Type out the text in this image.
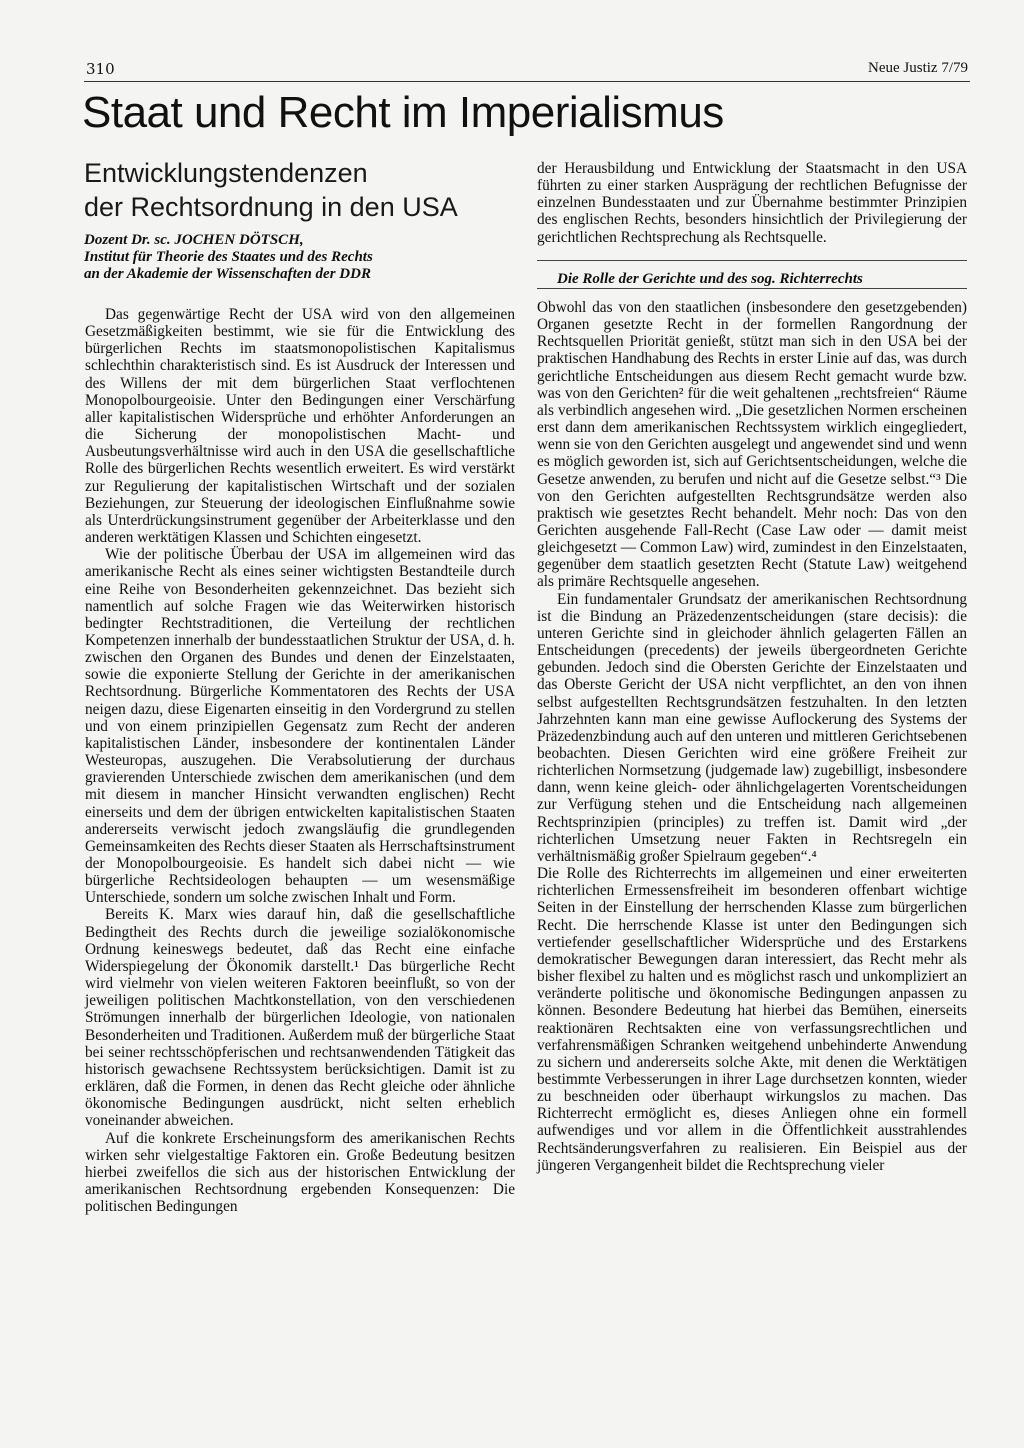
310	Neue Justiz 7/79
Staat und Recht im Imperialismus
Entwicklungstendenzen
der Rechtsordnung in den USA
Dozent Dr. sc. JOCHEN DÖTSCH,
Institut für Theorie des Staates und des Rechts
an der Akademie der Wissenschaften der DDR

Das gegenwärtige Recht der USA wird von den allgemeinen Gesetzmäßigkeiten bestimmt, wie sie für die Entwicklung des bürgerlichen Rechts im staatsmonopolistischen Kapitalismus schlechthin charakteristisch sind. Es ist Ausdruck der Interessen und des Willens der mit dem bürgerlichen Staat verflochtenen Monopolbourgeoisie. Unter den Bedingungen einer Verschärfung aller kapitalistischen Widersprüche und erhöhter Anforderungen an die Sicherung der monopolistischen Macht- und Ausbeutungsverhältnisse wird auch in den USA die gesellschaftliche Rolle des bürgerlichen Rechts wesentlich erweitert. Es wird verstärkt zur Regulierung der kapitalistischen Wirtschaft und der sozialen Beziehungen, zur Steuerung der ideologischen Einflußnahme sowie als Unterdrückungsinstrument gegenüber der Arbeiterklasse und den anderen werktätigen Klassen und Schichten eingesetzt.

Wie der politische Überbau der USA im allgemeinen wird das amerikanische Recht als eines seiner wichtigsten Bestandteile durch eine Reihe von Besonderheiten gekennzeichnet. Das bezieht sich namentlich auf solche Fragen wie das Weiterwirken historisch bedingter Rechtstraditionen, die Verteilung der rechtlichen Kompetenzen innerhalb der bundesstaatlichen Struktur der USA, d. h. zwischen den Organen des Bundes und denen der Einzelstaaten, sowie die exponierte Stellung der Gerichte in der amerikanischen Rechtsordnung. Bürgerliche Kommentatoren des Rechts der USA neigen dazu, diese Eigenarten einseitig in den Vordergrund zu stellen und von einem prinzipiellen Gegensatz zum Recht der anderen kapitalistischen Länder, insbesondere der kontinentalen Länder Westeuropas, auszugehen. Die Verabsolutierung der durchaus gravierenden Unterschiede zwischen dem amerikanischen (und dem mit diesem in mancher Hinsicht verwandten englischen) Recht einerseits und dem der übrigen entwickelten kapitalistischen Staaten andererseits verwischt jedoch zwangsläufig die grundlegenden Gemeinsamkeiten des Rechts dieser Staaten als Herrschaftsinstrument der Monopolbourgeoisie. Es handelt sich dabei nicht — wie bürgerliche Rechtsideologen behaupten — um wesensmäßige Unterschiede, sondern um solche zwischen Inhalt und Form.

Bereits K. Marx wies darauf hin, daß die gesellschaftliche Bedingtheit des Rechts durch die jeweilige sozialökonomische Ordnung keineswegs bedeutet, daß das Recht eine einfache Widerspiegelung der Ökonomik darstellt.¹ Das bürgerliche Recht wird vielmehr von vielen weiteren Faktoren beeinflußt, so von der jeweiligen politischen Machtkonstellation, von den verschiedenen Strömungen innerhalb der bürgerlichen Ideologie, von nationalen Besonderheiten und Traditionen. Außerdem muß der bürgerliche Staat bei seiner rechtsschöpferischen und rechtsanwendenden Tätigkeit das historisch gewachsene Rechtssystem berücksichtigen. Damit ist zu erklären, daß die Formen, in denen das Recht gleiche oder ähnliche ökonomische Bedingungen ausdrückt, nicht selten erheblich voneinander abweichen.

Auf die konkrete Erscheinungsform des amerikanischen Rechts wirken sehr vielgestaltige Faktoren ein. Große Bedeutung besitzen hierbei zweifellos die sich aus der historischen Entwicklung der amerikanischen Rechtsordnung ergebenden Konsequenzen: Die politischen Bedingungen

der Herausbildung und Entwicklung der Staatsmacht in den USA führten zu einer starken Ausprägung der rechtlichen Befugnisse der einzelnen Bundesstaaten und zur Übernahme bestimmter Prinzipien des englischen Rechts, besonders hinsichtlich der Privilegierung der gerichtlichen Rechtsprechung als Rechtsquelle.

Die Rolle der Gerichte und des sog. Richterrechts

Obwohl das von den staatlichen (insbesondere den gesetzgebenden) Organen gesetzte Recht in der formellen Rangordnung der Rechtsquellen Priorität genießt, stützt man sich in den USA bei der praktischen Handhabung des Rechts in erster Linie auf das, was durch gerichtliche Entscheidungen aus diesem Recht gemacht wurde bzw. was von den Gerichten² für die weit gehaltenen „rechtsfreien“ Räume als verbindlich angesehen wird. „Die gesetzlichen Normen erscheinen erst dann dem amerikanischen Rechtssystem wirklich eingegliedert, wenn sie von den Gerichten ausgelegt und angewendet sind und wenn es möglich geworden ist, sich auf Gerichtsentscheidungen, welche die Gesetze anwenden, zu berufen und nicht auf die Gesetze selbst.“³ Die von den Gerichten aufgestellten Rechtsgrundsätze werden also praktisch wie gesetztes Recht behandelt. Mehr noch: Das von den Gerichten ausgehende Fall-Recht (Case Law oder — damit meist gleichgesetzt — Common Law) wird, zumindest in den Einzelstaaten, gegenüber dem staatlich gesetzten Recht (Statute Law) weitgehend als primäre Rechtsquelle angesehen.

Ein fundamentaler Grundsatz der amerikanischen Rechtsordnung ist die Bindung an Präzedenzentscheidungen (stare decisis): die unteren Gerichte sind in gleichoder ähnlich gelagerten Fällen an Entscheidungen (precedents) der jeweils übergeordneten Gerichte gebunden. Jedoch sind die Obersten Gerichte der Einzelstaaten und das Oberste Gericht der USA nicht verpflichtet, an den von ihnen selbst aufgestellten Rechtsgrundsätzen festzuhalten. In den letzten Jahrzehnten kann man eine gewisse Auflockerung des Systems der Präzedenzbindung auch auf den unteren und mittleren Gerichtsebenen beobachten. Diesen Gerichten wird eine größere Freiheit zur richterlichen Normsetzung (judgemade law) zugebilligt, insbesondere dann, wenn keine gleich- oder ähnlichgelagerten Vorentscheidungen zur Verfügung stehen und die Entscheidung nach allgemeinen Rechtsprinzipien (principles) zu treffen ist. Damit wird „der richterlichen Umsetzung neuer Fakten in Rechtsregeln ein verhältnismäßig großer Spielraum gegeben“.⁴

Die Rolle des Richterrechts im allgemeinen und einer erweiterten richterlichen Ermessensfreiheit im besonderen offenbart wichtige Seiten in der Einstellung der herrschenden Klasse zum bürgerlichen Recht. Die herrschende Klasse ist unter den Bedingungen sich vertiefender gesellschaftlicher Widersprüche und des Erstarkens demokratischer Bewegungen daran interessiert, das Recht mehr als bisher flexibel zu halten und es möglichst rasch und unkompliziert an veränderte politische und ökonomische Bedingungen anpassen zu können. Besondere Bedeutung hat hierbei das Bemühen, einerseits reaktionären Rechtsakten eine von verfassungsrechtlichen und verfahrensmäßigen Schranken weitgehend unbehinderte Anwendung zu sichern und andererseits solche Akte, mit denen die Werktätigen bestimmte Verbesserungen in ihrer Lage durchsetzen konnten, wieder zu beschneiden oder überhaupt wirkungslos zu machen. Das Richterrecht ermöglicht es, dieses Anliegen ohne ein formell aufwendiges und vor allem in die Öffentlichkeit ausstrahlendes Rechtsänderungsverfahren zu realisieren. Ein Beispiel aus der jüngeren Vergangenheit bildet die Rechtsprechung vieler
